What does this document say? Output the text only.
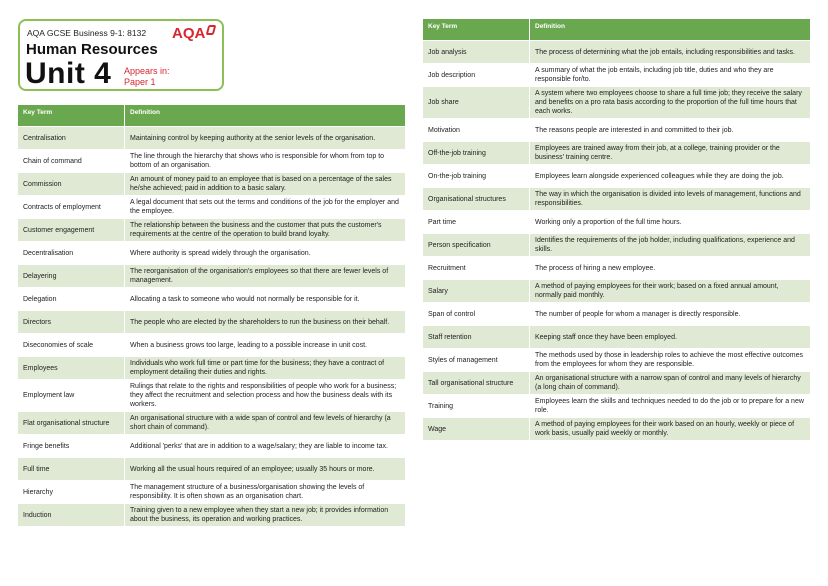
AQA GCSE Business 9-1: 8132 AQA
Human Resources
Unit 4 Appears in:
Paper 1
Key Term	Definition
Centralisation	Maintaining control by keeping authority at the senior levels of the organisation.
Chain of command	The line through the hierarchy that shows who is responsible for whom from top to bottom of an organisation.
Commission	An amount of money paid to an employee that is based on a percentage of the sales he/she achieved; paid in addition to a basic salary.
Contracts of employment	A legal document that sets out the terms and conditions of the job for the employer and the employee.
Customer engagement	The relationship between the business and the customer that puts the customer's requirements at the centre of the operation to build brand loyalty.
Decentralisation	Where authority is spread widely through the organisation.
Delayering	The reorganisation of the organisation's employees so that there are fewer levels of management.
Delegation	Allocating a task to someone who would not normally be responsible for it.
Directors	The people who are elected by the shareholders to run the business on their behalf.
Diseconomies of scale	When a business grows too large, leading to a possible increase in unit cost.
Employees	Individuals who work full time or part time for the business; they have a contract of employment detailing their duties and rights.
Employment law	Rulings that relate to the rights and responsibilities of people who work for a business; they affect the recruitment and selection process and how the business deals with its workers.
Flat organisational structure	An organisational structure with a wide span of control and few levels of hierarchy (a short chain of command).
Fringe benefits	Additional 'perks' that are in addition to a wage/salary; they are liable to income tax.
Full time	Working all the usual hours required of an employee; usually 35 hours or more.
Hierarchy	The management structure of a business/organisation showing the levels of responsibility. It is often shown as an organisation chart.
Induction	Training given to a new employee when they start a new job; it provides information about the business, its operation and working practices.
Key Term	Definition
Job analysis	The process of determining what the job entails, including responsibilities and tasks.
Job description	A summary of what the job entails, including job title, duties and who they are responsible for/to.
Job share	A system where two employees choose to share a full time job; they receive the salary and benefits on a pro rata basis according to the proportion of the full time hours that each works.
Motivation	The reasons people are interested in and committed to their job.
Off-the-job training	Employees are trained away from their job, at a college, training provider or the business' training centre.
On-the-job training	Employees learn alongside experienced colleagues while they are doing the job.
Organisational structures	The way in which the organisation is divided into levels of management, functions and responsibilities.
Part time	Working only a proportion of the full time hours.
Person specification	Identifies the requirements of the job holder, including qualifications, experience and skills.
Recruitment	The process of hiring a new employee.
Salary	A method of paying employees for their work; based on a fixed annual amount, normally paid monthly.
Span of control	The number of people for whom a manager is directly responsible.
Staff retention	Keeping staff once they have been employed.
Styles of management	The methods used by those in leadership roles to achieve the most effective outcomes from the employees for whom they are responsible.
Tall organisational structure	An organisational structure with a narrow span of control and many levels of hierarchy (a long chain of command).
Training	Employees learn the skills and techniques needed to do the job or to prepare for a new role.
Wage	A method of paying employees for their work based on an hourly, weekly or piece of work basis, usually paid weekly or monthly.
